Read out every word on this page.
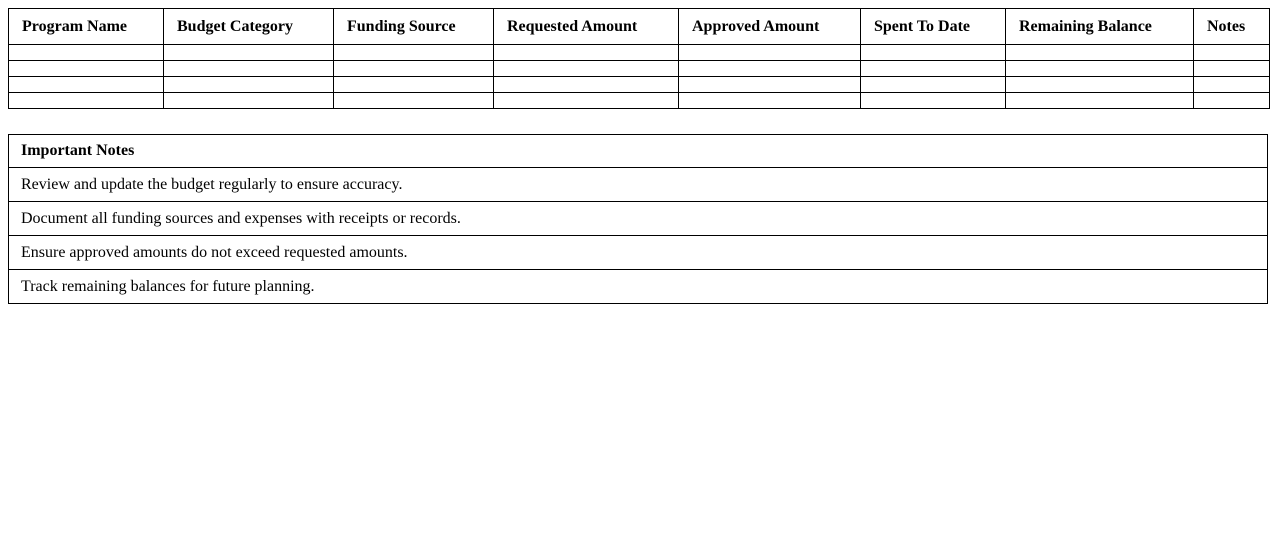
Program Name	Budget Category	Funding Source	Requested Amount	Approved Amount	Spent To Date	Remaining Balance	Notes

Important Notes
Review and update the budget regularly to ensure accuracy.
Document all funding sources and expenses with receipts or records.
Ensure approved amounts do not exceed requested amounts.
Track remaining balances for future planning.
